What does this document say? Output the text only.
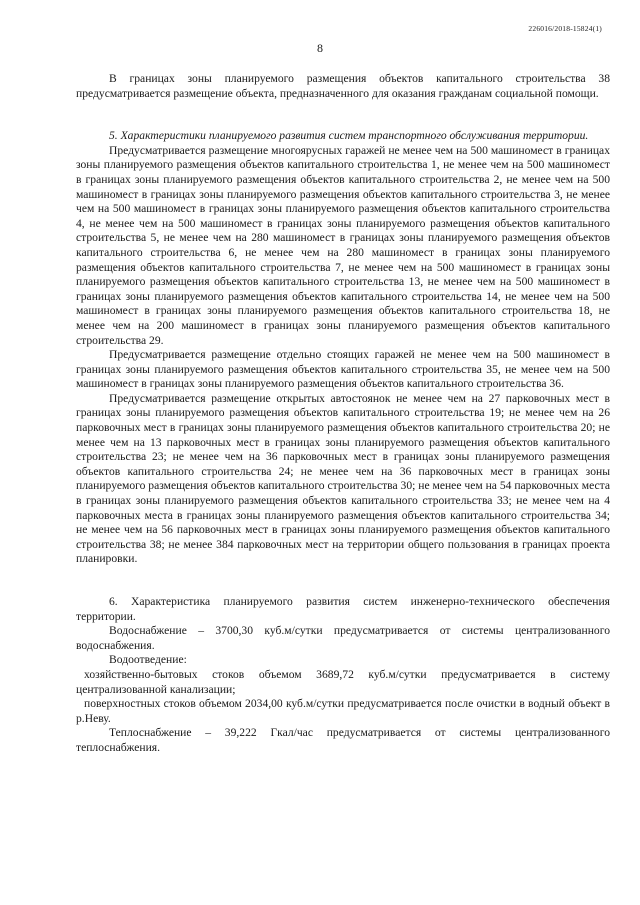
226016/2018-15824(1)
8

В границах зоны планируемого размещения объектов капитального строительства 38 предусматривается размещение объекта, предназначенного для оказания гражданам социальной помощи.

5. Характеристики планируемого развития систем транспортного обслуживания территории.

Предусматривается размещение многоярусных гаражей не менее чем на 500 машиномест в границах зоны планируемого размещения объектов капитального строительства 1, не менее чем на 500 машиномест в границах зоны планируемого размещения объектов капитального строительства 2, не менее чем на 500 машиномест в границах зоны планируемого размещения объектов капитального строительства 3, не менее чем на 500 машиномест в границах зоны планируемого размещения объектов капитального строительства 4, не менее чем на 500 машиномест в границах зоны планируемого размещения объектов капитального строительства 5, не менее чем на 280 машиномест в границах зоны планируемого размещения объектов капитального строительства 6, не менее чем на 280 машиномест в границах зоны планируемого размещения объектов капитального строительства 7, не менее чем на 500 машиномест в границах зоны планируемого размещения объектов капитального строительства 13, не менее чем на 500 машиномест в границах зоны планируемого размещения объектов капитального строительства 14, не менее чем на 500 машиномест в границах зоны планируемого размещения объектов капитального строительства 18, не менее чем на 200 машиномест в границах зоны планируемого размещения объектов капитального строительства 29.

Предусматривается размещение отдельно стоящих гаражей не менее чем на 500 машиномест в границах зоны планируемого размещения объектов капитального строительства 35, не менее чем на 500 машиномест в границах зоны планируемого размещения объектов капитального строительства 36.

Предусматривается размещение открытых автостоянок не менее чем на 27 парковочных мест в границах зоны планируемого размещения объектов капитального строительства 19; не менее чем на 26 парковочных мест в границах зоны планируемого размещения объектов капитального строительства 20; не менее чем на 13 парковочных мест в границах зоны планируемого размещения объектов капитального строительства 23; не менее чем на 36 парковочных мест в границах зоны планируемого размещения объектов капитального строительства 24; не менее чем на 36 парковочных мест в границах зоны планируемого размещения объектов капитального строительства 30; не менее чем на 54 парковочных места в границах зоны планируемого размещения объектов капитального строительства 33; не менее чем на 4 парковочных места в границах зоны планируемого размещения объектов капитального строительства 34; не менее чем на 56 парковочных мест в границах зоны планируемого размещения объектов капитального строительства 38; не менее 384 парковочных мест на территории общего пользования в границах проекта планировки.

6. Характеристика планируемого развития систем инженерно-технического обеспечения территории.

Водоснабжение – 3700,30 куб.м/сутки предусматривается от системы централизованного водоснабжения.

Водоотведение:

хозяйственно-бытовых стоков объемом 3689,72 куб.м/сутки предусматривается в систему централизованной канализации;

поверхностных стоков объемом 2034,00 куб.м/сутки предусматривается после очистки в водный объект в р.Неву.

Теплоснабжение – 39,222 Гкал/час предусматривается от системы централизованного теплоснабжения.
